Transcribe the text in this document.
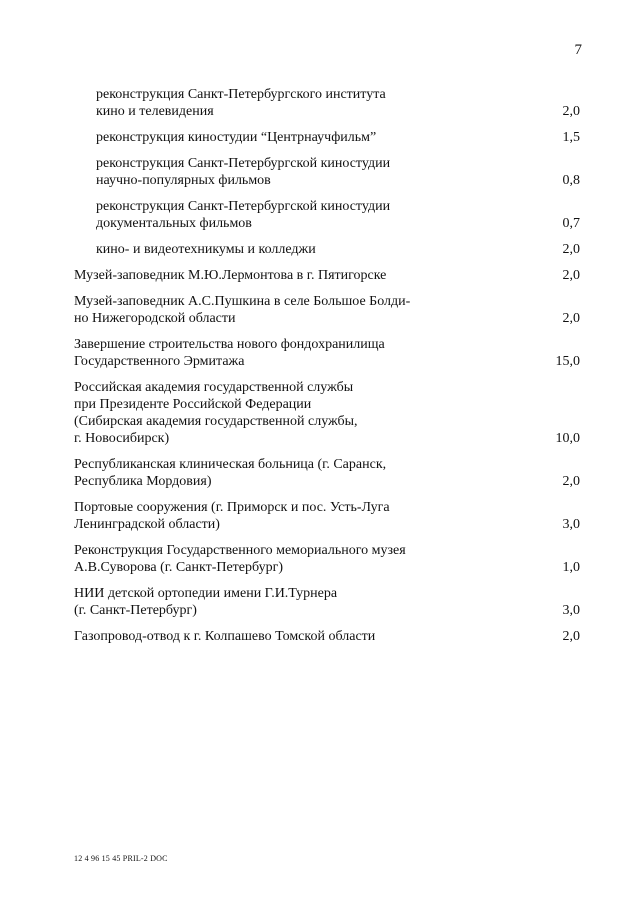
7
реконструкция Санкт-Петербургского института
кино и телевидения	2,0
реконструкция киностудии “Центрнаучфильм”	1,5
реконструкция Санкт-Петербургской киностудии
научно-популярных фильмов	0,8
реконструкция Санкт-Петербургской киностудии
документальных фильмов	0,7
кино- и видеотехникумы и колледжи	2,0
Музей-заповедник М.Ю.Лермонтова в г. Пятигорске	2,0
Музей-заповедник А.С.Пушкина в селе Большое Болди-
но Нижегородской области	2,0
Завершение строительства нового фондохранилища
Государственного Эрмитажа	15,0
Российская академия государственной службы
при Президенте Российской Федерации
(Сибирская академия государственной службы,
г. Новосибирск)	10,0
Республиканская клиническая больница (г. Саранск,
Республика Мордовия)	2,0
Портовые сооружения (г. Приморск и пос. Усть-Луга
Ленинградской области)	3,0
Реконструкция Государственного мемориального музея
А.В.Суворова (г. Санкт-Петербург)	1,0
НИИ детской ортопедии имени Г.И.Турнера
(г. Санкт-Петербург)	3,0
Газопровод-отвод к г. Колпашево Томской области	2,0
12 4 96 15 45 PRIL-2 DOC
